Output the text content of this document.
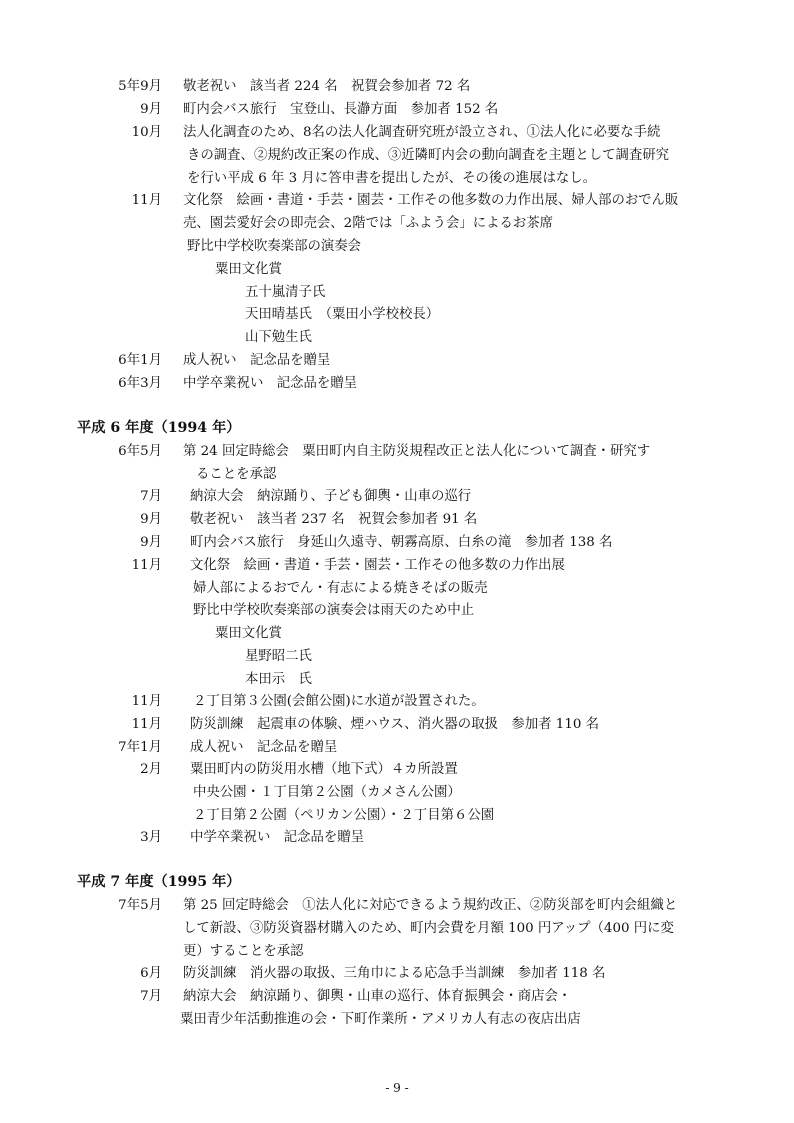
5年9月 敬老祝い　該当者 224 名　祝賀会参加者 72 名
9月 町内会バス旅行　宝登山、長瀞方面　参加者 152 名
10月 法人化調査のため、8名の法人化調査研究班が設立され、①法人化に必要な手続
きの調査、②規約改正案の作成、③近隣町内会の動向調査を主題として調査研究
を行い平成 6 年 3 月に答申書を提出したが、その後の進展はなし。
11月 文化祭　絵画・書道・手芸・園芸・工作その他多数の力作出展、婦人部のおでん販
売、園芸愛好会の即売会、2階では「ふよう会」によるお茶席
野比中学校吹奏楽部の演奏会
粟田文化賞
五十嵐清子氏
天田晴基氏　（粟田小学校校長）
山下勉生氏
6年1月 成人祝い　記念品を贈呈
6年3月 中学卒業祝い　記念品を贈呈
平成 6 年度（1994 年）
6年5月 第 24 回定時総会　粟田町内自主防災規程改正と法人化について調査・研究す
ることを承認
7月 納涼大会　納涼踊り、子ども御輿・山車の巡行
9月 敬老祝い　該当者 237 名　祝賀会参加者 91 名
9月 町内会バス旅行　身延山久遠寺、朝霧高原、白糸の滝　参加者 138 名
11月 文化祭　絵画・書道・手芸・園芸・工作その他多数の力作出展
婦人部によるおでん・有志による焼きそばの販売
野比中学校吹奏楽部の演奏会は雨天のため中止
粟田文化賞
星野昭二氏
本田示　氏
11月 ２丁目第３公園(会館公園)に水道が設置された。
11月 防災訓練　起震車の体験、煙ハウス、消火器の取扱　参加者 110 名
7年1月 成人祝い　記念品を贈呈
2月 粟田町内の防災用水槽（地下式）４カ所設置
中央公園・１丁目第２公園（カメさん公園）
２丁目第２公園（ペリカン公園）・２丁目第６公園
3月 中学卒業祝い　記念品を贈呈
平成 7 年度（1995 年）
7年5月 第 25 回定時総会　①法人化に対応できるよう規約改正、②防災部を町内会組織と
して新設、③防災資器材購入のため、町内会費を月額 100 円アップ（400 円に変
更）することを承認
6月 防災訓練　消火器の取扱、三角巾による応急手当訓練　参加者 118 名
7月 納涼大会　納涼踊り、御輿・山車の巡行、体育振興会・商店会・
粟田青少年活動推進の会・下町作業所・アメリカ人有志の夜店出店
- 9 -
